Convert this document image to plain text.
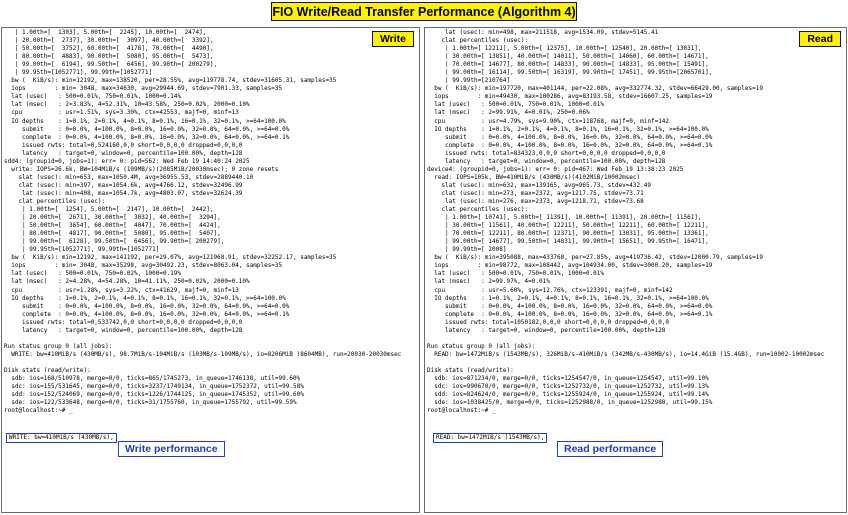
FIO Write/Read Transfer Performance (Algorithm 4)
| 1.00th=[  1303], 5.00th=[  2245], 10.00th=[  2474],
| 20.00th=[  2737], 30.00th=[  3097], 40.00th=[  3392],
| 50.00th=[  3752], 60.00th=[  4178], 70.00th=[  4490],
| 80.00th=[  4883], 90.00th=[  5080], 95.00th=[  5473],
| 99.00th=[  6194], 99.50th=[  6456], 99.90th=[ 200279],
| 99.95th=[1052771], 99.99th=[1052771]
bw (  KiB/s): min=12192, max=138520, per=28.55%, avg=119778.74, stdev=31605.31, samples=35
iops        : min= 3048, max=34630, avg=29944.69, stdev=7901.33, samples=35
lat (usec)   : 500=0.01%, 750=0.01%, 1000=0.14%
lat (msec)   : 2=3.83%, 4=52.31%, 10=43.58%, 250=0.02%, 2000=0.10%
cpu          : usr=1.51%, sys=3.30%, ctx=42553, majf=0, minf=13
IO depths    : 1=0.1%, 2=0.1%, 4=0.1%, 8=0.1%, 16=0.1%, 32=0.1%, >=64=100.0%
submit    : 0=0.0%, 4=100.0%, 8=0.0%, 16=0.0%, 32=0.0%, 64=0.0%, >=64=0.0%
complete  : 0=0.0%, 4=100.0%, 8=0.0%, 16=0.0%, 32=0.0%, 64=0.0%, >=64=0.1%
issued rwts: total=0,524160,0,0 short=0,0,0,0 dropped=0,0,0,0
latency   : target=0, window=0, percentile=100.00%, depth=128
sdd4: (groupid=0, jobs=1): err= 0: pid=562: Wed Feb 19 14:40:24 2025
write: IOPS=26.6k, BW=104MiB/s (109MB/s)(2085MiB/20030msec); 0 zone resets
slat (usec): min=653, max=1050.4M, avg=36955.53, stdev=2889440.10
clat (usec): min=397, max=1054.6k, avg=4766.12, stdev=32496.99
lat (usec): min=408, max=1054.7k, avg=4803.07, stdev=32624.39
clat percentiles (usec):
| 1.00th=[  1254], 5.00th=[  2147], 10.00th=[  2442],
| 20.00th=[  2671], 30.00th=[  3032], 40.00th=[  3294],
| 50.00th=[  3654], 60.00th=[  4047], 70.00th=[  4424],
| 80.00th=[  4817], 90.00th=[  5080], 95.00th=[  5407],
| 99.00th=[  6128], 99.50th=[  6456], 99.90th=[ 200279],
| 99.95th=[1052771], 99.99th=[1052771]
bw (  KiB/s): min=12192, max=141192, per=29.07%, avg=121968.91, stdev=32252.17, samples=35
iops        : min= 3048, max=35298, avg=30492.23, stdev=8063.04, samples=35
lat (usec)   : 500=0.01%, 750=0.02%, 1000=0.19%
lat (msec)   : 2=4.28%, 4=54.28%, 10=41.11%, 250=0.02%, 2000=0.10%
cpu          : usr=1.28%, sys=3.22%, ctx=41629, majf=0, minf=13
IO depths    : 1=0.1%, 2=0.1%, 4=0.1%, 8=0.1%, 16=0.1%, 32=0.1%, >=64=100.0%
submit    : 0=0.0%, 4=100.0%, 8=0.0%, 16=0.0%, 32=0.0%, 64=0.0%, >=64=0.0%
complete  : 0=0.0%, 4=100.0%, 8=0.0%, 16=0.0%, 32=0.0%, 64=0.0%, >=64=0.1%
issued rwts: total=0,533742,0,0 short=0,0,0,0 dropped=0,0,0,0
latency   : target=0, window=0, percentile=100.00%, depth=128

Run status group 0 (all jobs):
WRITE: bw=410MiB/s (430MB/s), 98.7MiB/s-104MiB/s (103MB/s-109MB/s), io=8206MiB (8604MB), run=20030-20030msec

Disk stats (read/write):
sdb: ios=168/510978, merge=0/0, ticks=865/1745273, in_queue=1746138, util=99.60%
sdc: ios=155/531645, merge=0/0, ticks=3237/1749134, in_queue=1752372, util=99.58%
sdd: ios=152/524069, merge=0/0, ticks=1226/1744125, in_queue=1745352, util=99.60%
sde: ios=122/533648, merge=0/0, ticks=31/1755760, in_queue=1755792, util=99.59%
root@localhost:~# _
Write
WRITE: bw=410MiB/s (430MB/s),
Write performance
lat (usec): min=498, max=211518, avg=1534.09, stdev=5145.41
clat percentiles (usec):
| 1.00th=[ 12211], 5.00th=[ 12375], 10.00th=[ 12540], 20.00th=[ 13031],
| 30.00th=[ 13851], 40.00th=[ 14011], 50.00th=[ 14060], 60.00th=[ 14671],
| 70.00th=[ 14677], 80.00th=[ 14833], 90.00th=[ 14833], 95.00th=[ 15491],
| 99.00th=[ 16114], 99.50th=[ 16319], 99.90th=[ 17451], 99.95th=[2065701],
| 99.99th=[210764]
bw (  KiB/s): min=197720, max=401144, per=22.08%, avg=332774.32, stdev=66429.00, samples=19
iops        : min=49430, max=100286, avg=83193.58, stdev=16607.25, samples=19
lat (usec)   : 500=0.01%, 750=0.01%, 1000=0.01%
lat (msec)   : 2=99.91%, 4=0.01%, 250=0.06%
cpu          : usr=4.79%, sys=9.90%, ctx=118768, majf=0, minf=142
IO depths    : 1=0.1%, 2=0.1%, 4=0.1%, 8=0.1%, 16=0.1%, 32=0.1%, >=64=100.0%
submit    : 0=0.0%, 4=100.0%, 8=0.0%, 16=0.0%, 32=0.0%, 64=0.0%, >=64=0.0%
complete  : 0=0.0%, 4=100.0%, 8=0.0%, 16=0.0%, 32=0.0%, 64=0.0%, >=64=0.1%
issued rwts: total=834323,0,0,0 short=0,0,0,0 dropped=0,0,0,0
latency   : target=0, window=0, percentile=100.00%, depth=128
device4: (groupid=0, jobs=1): err= 0: pid=467: Wed Feb 19 13:38:23 2025
read: IOPS=105k, BW=410MiB/s (430MB/s)(4102MiB/10002msec)
slat (usec): min=632, max=139165, avg=965.73, stdev=432.49
clat (usec): min=273, max=2372, avg=1217.75, stdev=73.71
lat (usec): min=276, max=2373, avg=1218.71, stdev=73.68
clat percentiles (usec):
| 1.00th=[ 10741], 5.00th=[ 11391], 10.00th=[ 11391], 20.00th=[ 11561],
| 30.00th=[ 11561], 40.00th=[ 12211], 50.00th=[ 12211], 60.00th=[ 12211],
| 70.00th=[ 12211], 80.00th=[ 12371], 90.00th=[ 13031], 95.00th=[ 13361],
| 99.00th=[ 14677], 99.50th=[ 14831], 99.90th=[ 15651], 99.95th=[ 16471],
| 99.99th=[ 2008]
bw (  KiB/s): min=395088, max=433768, per=27.85%, avg=419736.42, stdev=12000.79, samples=19
iops        : min=98772, max=108442, avg=104934.00, stdev=3000.20, samples=19
lat (usec)   : 500=0.01%, 750=0.01%, 1000=0.01%
lat (msec)   : 2=99.97%, 4=0.01%
cpu          : usr=5.60%, sys=12.76%, ctx=123391, majf=0, minf=142
IO depths    : 1=0.1%, 2=0.1%, 4=0.1%, 8=0.1%, 16=0.1%, 32=0.1%, >=64=100.0%
submit    : 0=0.0%, 4=100.0%, 8=0.0%, 16=0.0%, 32=0.0%, 64=0.0%, >=64=0.0%
complete  : 0=0.0%, 4=100.0%, 8=0.0%, 16=0.0%, 32=0.0%, 64=0.0%, >=64=0.1%
issued rwts: total=1050182,0,0,0 short=0,0,0,0 dropped=0,0,0,0
latency   : target=0, window=0, percentile=100.00%, depth=128

Run status group 0 (all jobs):
READ: bw=1472MiB/s (1543MB/s), 326MiB/s-410MiB/s (342MB/s-430MB/s), io=14.4GiB (15.4GB), run=10002-10002msec

Disk stats (read/write):
sdb: ios=871234/0, merge=0/0, ticks=1254547/0, in_queue=1254547, util=99.10%
sdc: ios=990670/0, merge=0/0, ticks=1252732/0, in_queue=1252732, util=99.13%
sdd: ios=824624/0, merge=0/0, ticks=1255924/0, in_queue=1255924, util=99.14%
sde: ios=1038425/0, merge=0/0, ticks=1252988/0, in_queue=1252988, util=99.15%
root@localhost:~# _
Read
READ: bw=1472MiB/s (1543MB/s),
Read performance
